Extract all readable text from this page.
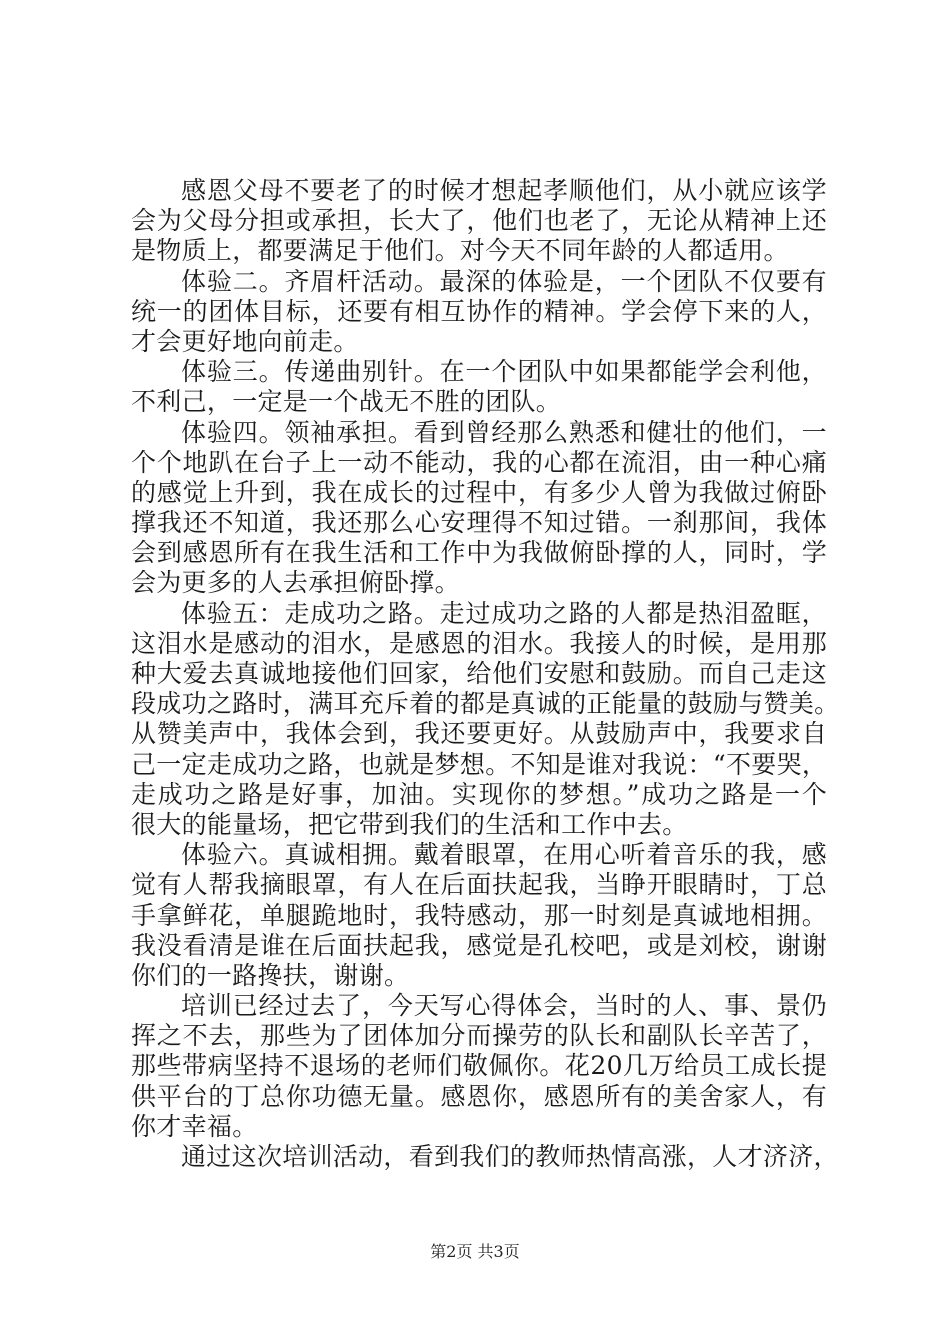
感恩父母不要老了的时候才想起孝顺他们，从小就应该学
会为父母分担或承担，长大了，他们也老了，无论从精神上还
是物质上，都要满足于他们。对今天不同年龄的人都适用。
体验二。齐眉杆活动。最深的体验是，一个团队不仅要有
统一的团体目标，还要有相互协作的精神。学会停下来的人，
才会更好地向前走。
体验三。传递曲别针。在一个团队中如果都能学会利他，
不利己，一定是一个战无不胜的团队。
体验四。领袖承担。看到曾经那么熟悉和健壮的他们，一
个个地趴在台子上一动不能动，我的心都在流泪，由一种心痛
的感觉上升到，我在成长的过程中，有多少人曾为我做过俯卧
撑我还不知道，我还那么心安理得不知过错。一刹那间，我体
会到感恩所有在我生活和工作中为我做俯卧撑的人，同时，学
会为更多的人去承担俯卧撑。
体验五：走成功之路。走过成功之路的人都是热泪盈眶，
这泪水是感动的泪水，是感恩的泪水。我接人的时候，是用那
种大爱去真诚地接他们回家，给他们安慰和鼓励。而自己走这
段成功之路时，满耳充斥着的都是真诚的正能量的鼓励与赞美。
从赞美声中，我体会到，我还要更好。从鼓励声中，我要求自
己一定走成功之路，也就是梦想。不知是谁对我说：“不要哭，
走成功之路是好事，加油。实现你的梦想。”成功之路是一个
很大的能量场，把它带到我们的生活和工作中去。
体验六。真诚相拥。戴着眼罩，在用心听着音乐的我，感
觉有人帮我摘眼罩，有人在后面扶起我，当睁开眼睛时，丁总
手拿鲜花，单腿跪地时，我特感动，那一时刻是真诚地相拥。
我没看清是谁在后面扶起我，感觉是孔校吧，或是刘校，谢谢
你们的一路搀扶，谢谢。
培训已经过去了，今天写心得体会，当时的人、事、景仍
挥之不去，那些为了团体加分而操劳的队长和副队长辛苦了，
那些带病坚持不退场的老师们敬佩你。花20几万给员工成长提
供平台的丁总你功德无量。感恩你，感恩所有的美舍家人，有
你才幸福。
通过这次培训活动，看到我们的教师热情高涨，人才济济，
第2页 共3页
